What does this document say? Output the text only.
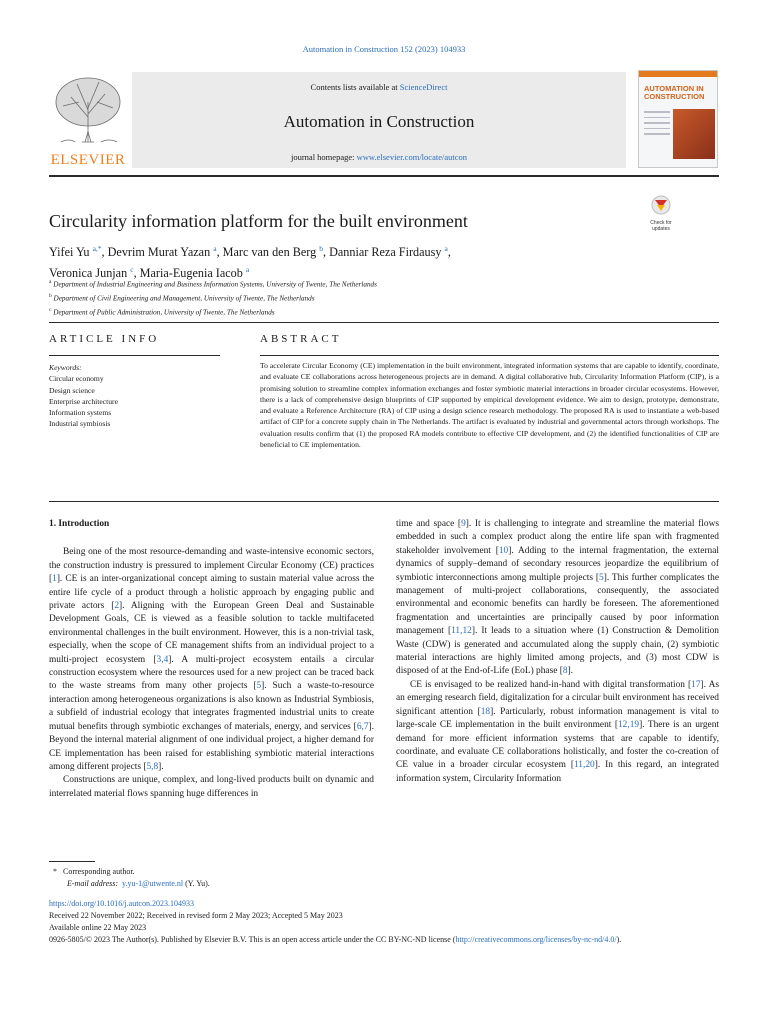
Automation in Construction 152 (2023) 104933
ELSEVIER
Contents lists available at ScienceDirect
Automation in Construction
journal homepage: www.elsevier.com/locate/autcon
AUTOMATION IN CONSTRUCTION
Check for updates
Circularity information platform for the built environment
Yifei Yu $^{a,*}$, Devrim Murat Yazan $^a$, Marc van den Berg $^b$, Danniar Reza Firdausy $^a$,
Veronica Junjan $^c$, Maria-Eugenia Iacob $^a$
$^a$ Department of Industrial Engineering and Business Information Systems, University of Twente, The Netherlands
$^b$ Department of Civil Engineering and Management, University of Twente, The Netherlands
$^c$ Department of Public Administration, University of Twente, The Netherlands
ARTICLE INFO	ABSTRACT
Keywords:
Circular economy
Design science
Enterprise architecture
Information systems
Industrial symbiosis
To accelerate Circular Economy (CE) implementation in the built environment, integrated information systems that are capable to identify, coordinate, and evaluate CE collaborations across heterogeneous projects are in demand. A digital collaborative hub, Circularity Information Platform (CIP), is a promising solution to streamline complex information exchanges and foster symbiotic material interactions in broader circular ecosystems. However, there is a lack of comprehensive design blueprints of CIP supported by empirical development evidence. We aim to design, prototype, demonstrate, and evaluate a Reference Architecture (RA) of CIP using a design science research methodology. The proposed RA is used to instantiate a web-based artifact of CIP for a concrete supply chain in The Netherlands. The artifact is evaluated by industrial and governmental actors through workshops. The evaluation results confirm that (1) the proposed RA models contribute to effective CIP development, and (2) the identified functionalities of CIP are beneficial to CE implementation.
1. Introduction

Being one of the most resource-demanding and waste-intensive economic sectors, the construction industry is pressured to implement Circular Economy (CE) practices [1]. CE is an inter-organizational concept aiming to sustain material value across the entire life cycle of a product through a holistic approach by engaging public and private actors [2]. Aligning with the European Green Deal and Sustainable Development Goals, CE is viewed as a feasible solution to tackle multifaceted environmental challenges in the built environment. However, this is a non-trivial task, especially, when the scope of CE management shifts from an individual project to a multi-project ecosystem [3,4]. A multi-project ecosystem entails a circular construction ecosystem where the resources used for a new project can be traced back to the waste streams from many other projects [5]. Such a waste-to-resource interaction among heterogeneous organizations is also known as Industrial Symbiosis, a subfield of industrial ecology that integrates fragmented industrial units to create mutual benefits through symbiotic exchanges of materials, energy, and services [6,7]. Beyond the internal material alignment of one individual project, a higher demand for CE implementation has been raised for establishing symbiotic material interactions among different projects [5,8].

Constructions are unique, complex, and long-lived products built on dynamic and interrelated material flows spanning huge differences in

time and space [9]. It is challenging to integrate and streamline the material flows embedded in such a complex product along the entire life span with fragmented stakeholder involvement [10]. Adding to the internal fragmentation, the external dynamics of supply–demand of secondary resources jeopardize the equilibrium of symbiotic interconnections among multiple projects [5]. This further complicates the management of multi-project collaborations, consequently, the associated environmental and economic benefits can hardly be foreseen. The aforementioned fragmentation and uncertainties are principally caused by poor information management [11,12]. It leads to a situation where (1) Construction & Demolition Waste (CDW) is generated and accumulated along the supply chain, (2) symbiotic material interactions are highly limited among projects, and (3) most CDW is disposed of at the End-of-Life (EoL) phase [8].

CE is envisaged to be realized hand-in-hand with digital transformation [17]. As an emerging research field, digitalization for a circular built environment has received significant attention [18]. Particularly, robust information management is vital to large-scale CE implementation in the built environment [12,19]. There is an urgent demand for more efficient information systems that are capable to identify, coordinate, and evaluate CE collaborations holistically, and foster the co-creation of CE value in a broader circular ecosystem [11,20]. In this regard, an integrated information system, Circularity Information

* Corresponding author.
E-mail address: y.yu-1@utwente.nl (Y. Yu).
https://doi.org/10.1016/j.autcon.2023.104933
Received 22 November 2022; Received in revised form 2 May 2023; Accepted 5 May 2023
Available online 22 May 2023
0926-5805/© 2023 The Author(s). Published by Elsevier B.V. This is an open access article under the CC BY-NC-ND license (http://creativecommons.org/licenses/by-nc-nd/4.0/).
